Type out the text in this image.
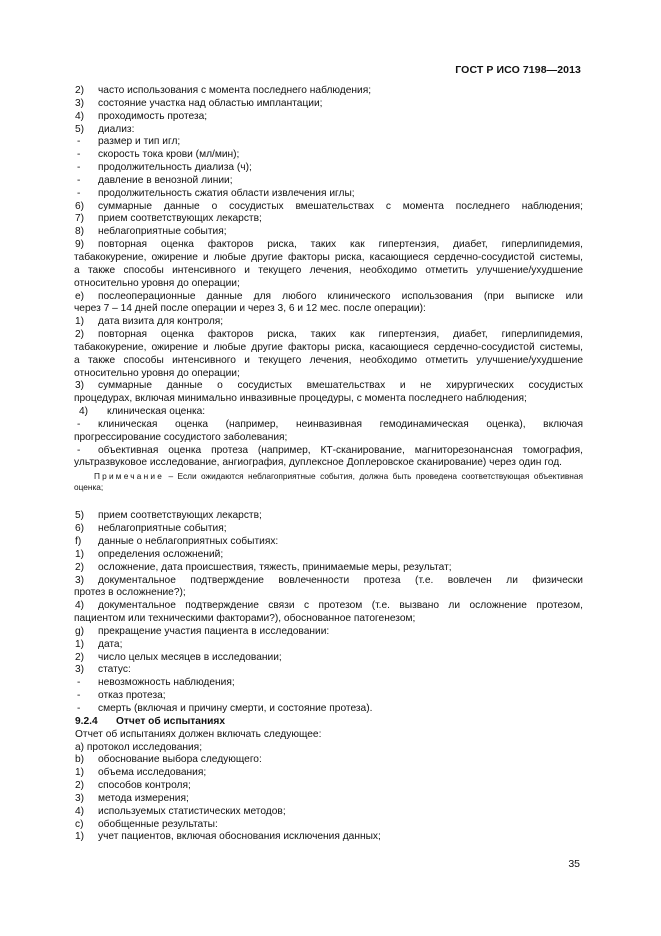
ГОСТ Р ИСО 7198—2013
2)	часто использования с момента последнего наблюдения;
3)	состояние участка над областью имплантации;
4)	проходимость протеза;
5)	диализ:
-	размер и тип игл;
-	скорость тока крови (мл/мин);
-	продолжительность диализа (ч);
-	давление в венозной линии;
-	продолжительность сжатия области извлечения иглы;
6)	суммарные данные о сосудистых вмешательствах с момента последнего наблюдения;
7)	прием соответствующих лекарств;
8)	неблагоприятные события;
9)	повторная оценка факторов риска, таких как гипертензия, диабет, гиперлипидемия,
табакокурение, ожирение и любые другие факторы риска, касающиеся сердечно-сосудистой системы,
а также способы интенсивного и текущего лечения, необходимо отметить улучшение/ухудшение
относительно уровня до операции;
e)	послеоперационные данные для любого клинического использования (при выписке или
через 7 – 14 дней после операции и через 3, 6 и 12 мес. после операции):
1)	дата визита для контроля;
2)	повторная оценка факторов риска, таких как гипертензия, диабет, гиперлипидемия,
табакокурение, ожирение и любые другие факторы риска, касающиеся сердечно-сосудистой системы,
а также способы интенсивного и текущего лечения, необходимо отметить улучшение/ухудшение
относительно уровня до операции;
3)	суммарные данные о сосудистых вмешательствах и не хирургических сосудистых
процедурах, включая минимально инвазивные процедуры, с момента последнего наблюдения;
4)	клиническая оценка:
-	клиническая оценка (например, неинвазивная гемодинамическая оценка), включая
прогрессирование сосудистого заболевания;
-	объективная оценка протеза (например, КТ-сканирование, магниторезонансная томография,
ультразвуковое исследование, ангиография, дуплексное Доплеровское сканирование) через один год.
Примечание – Если ожидаются неблагоприятные события, должна быть проведена соответствующая объективная оценка;
5)	прием соответствующих лекарств;
6)	неблагоприятные события;
f)	данные о неблагоприятных событиях:
1)	определения осложнений;
2)	осложнение, дата происшествия, тяжесть, принимаемые меры, результат;
3)	документальное подтверждение вовлеченности протеза (т.е. вовлечен ли физически
протез в осложнение?);
4)	документальное подтверждение связи с протезом (т.е. вызвано ли осложнение протезом,
пациентом или техническими факторами?), обоснованное патогенезом;
g)	прекращение участия пациента в исследовании:
1)	дата;
2)	число целых месяцев в исследовании;
3)	статус:
-	невозможность наблюдения;
-	отказ протеза;
-	смерть (включая и причину смерти, и состояние протеза).
9.2.4	Отчет об испытаниях
Отчет об испытаниях должен включать следующее:
a) протокол исследования;
b)	обоснование выбора следующего:
1)	объема исследования;
2)	способов контроля;
3)	метода измерения;
4)	используемых статистических методов;
c)	обобщенные результаты:
1)	учет пациентов, включая обоснования исключения данных;
35
